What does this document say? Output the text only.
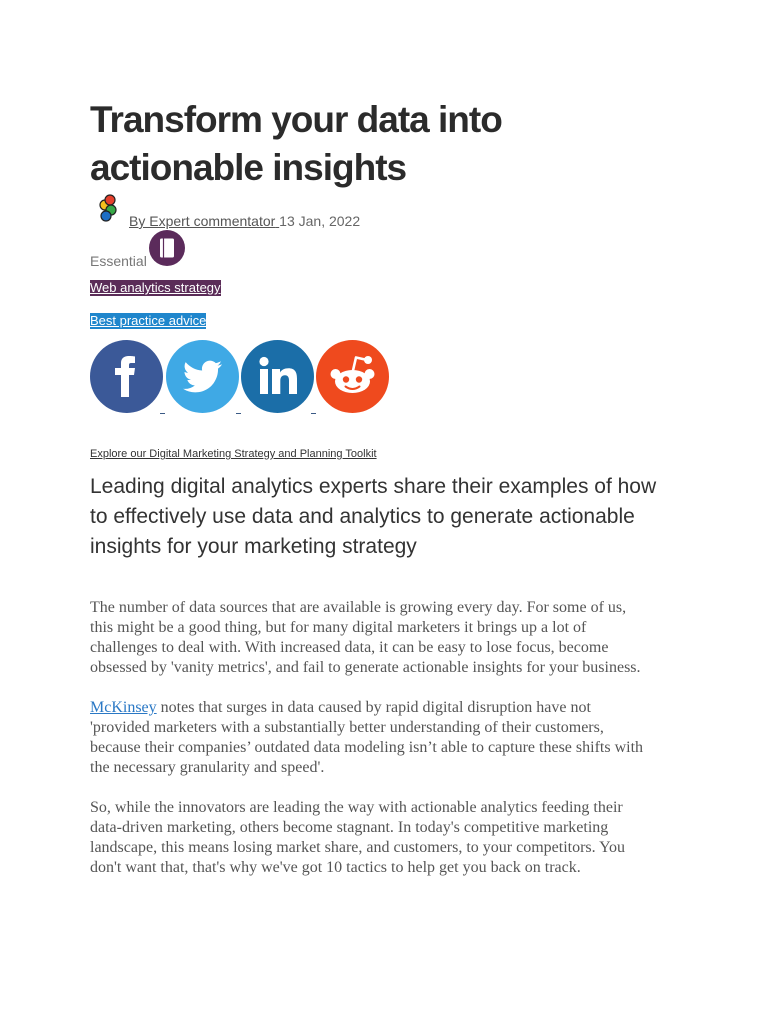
Transform your data into
actionable insights
By Expert commentator 13 Jan, 2022
Essential
Web analytics strategy
Best practice advice
Explore our Digital Marketing Strategy and Planning Toolkit
Leading digital analytics experts share their examples of how
to effectively use data and analytics to generate actionable
insights for your marketing strategy
The number of data sources that are available is growing every day. For some of us,
this might be a good thing, but for many digital marketers it brings up a lot of
challenges to deal with. With increased data, it can be easy to lose focus, become
obsessed by 'vanity metrics', and fail to generate actionable insights for your business.
McKinsey notes that surges in data caused by rapid digital disruption have not
'provided marketers with a substantially better understanding of their customers,
because their companies’ outdated data modeling isn’t able to capture these shifts with
the necessary granularity and speed'.
So, while the innovators are leading the way with actionable analytics feeding their
data-driven marketing, others become stagnant. In today's competitive marketing
landscape, this means losing market share, and customers, to your competitors. You
don't want that, that's why we've got 10 tactics to help get you back on track.
